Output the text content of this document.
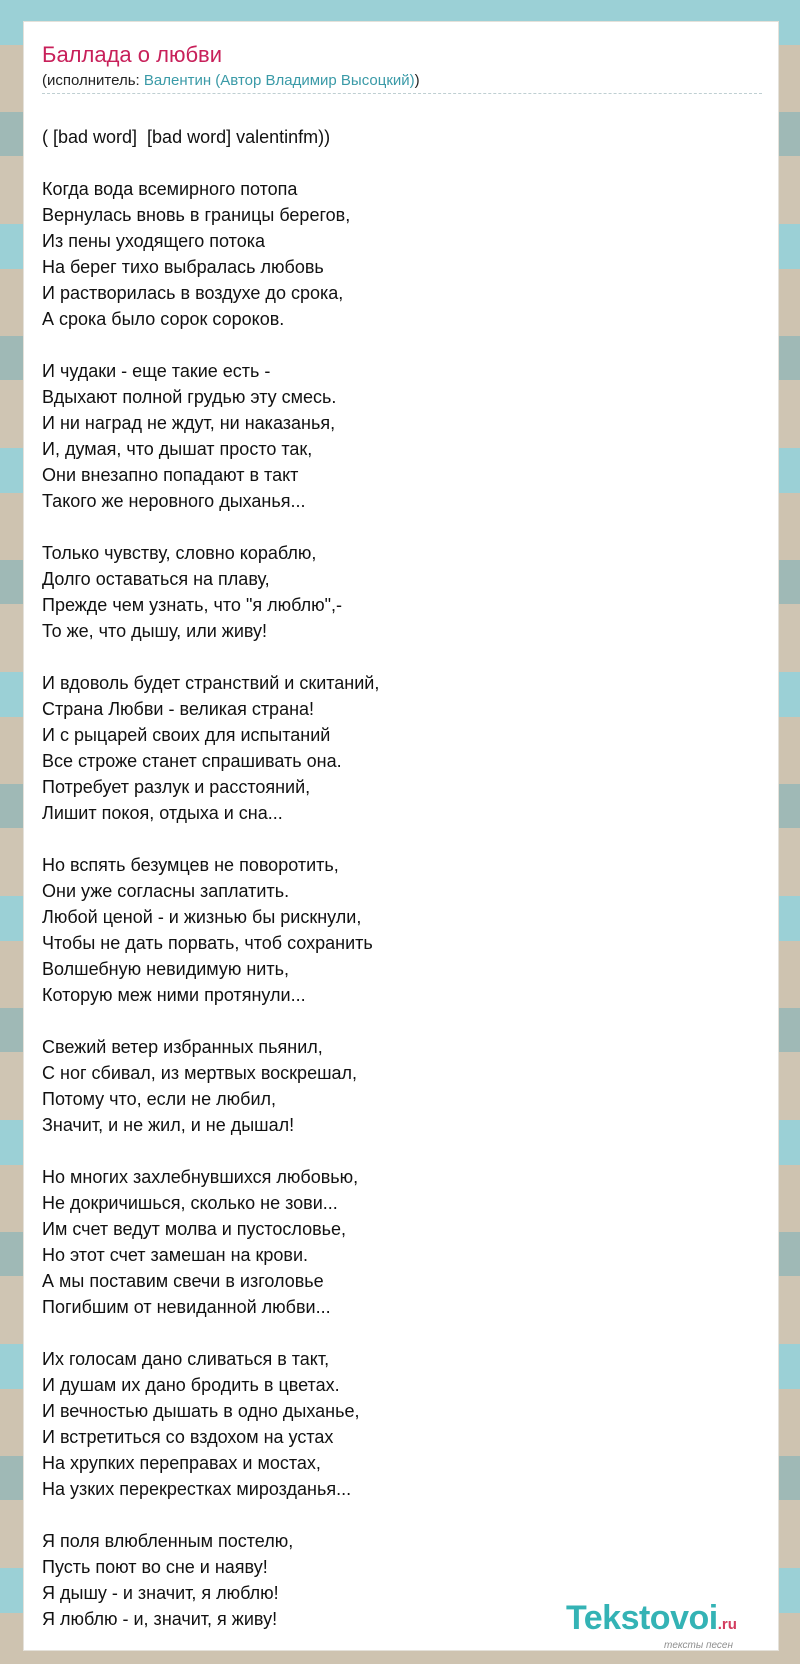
Баллада о любви
(исполнитель: Валентин (Автор Владимир Высоцкий))
( [bad word]  [bad word] valentinfm))
Когда вода всемирного потопа
Вернулась вновь в границы берегов,
Из пены уходящего потока
На берег тихо выбралась любовь
И растворилась в воздухе до срока,
А срока было сорок сороков.
И чудаки - еще такие есть -
Вдыхают полной грудью эту смесь.
И ни наград не ждут, ни наказанья,
И, думая, что дышат просто так,
Они внезапно попадают в такт
Такого же неровного дыханья...
Только чувству, словно кораблю,
Долго оставаться на плаву,
Прежде чем узнать, что "я люблю",-
То же, что дышу, или живу!
И вдоволь будет странствий и скитаний,
Страна Любви - великая страна!
И с рыцарей своих для испытаний
Все строже станет спрашивать она.
Потребует разлук и расстояний,
Лишит покоя, отдыха и сна...
Но вспять безумцев не поворотить,
Они уже согласны заплатить.
Любой ценой - и жизнью бы рискнули,
Чтобы не дать порвать, чтоб сохранить
Волшебную невидимую нить,
Которую меж ними протянули...
Свежий ветер избранных пьянил,
С ног сбивал, из мертвых воскрешал,
Потому что, если не любил,
Значит, и не жил, и не дышал!
Но многих захлебнувшихся любовью,
Не докричишься, сколько не зови...
Им счет ведут молва и пустословье,
Но этот счет замешан на крови.
А мы поставим свечи в изголовье
Погибшим от невиданной любви...
Их голосам дано сливаться в такт,
И душам их дано бродить в цветах.
И вечностью дышать в одно дыханье,
И встретиться со вздохом на устах
На хрупких переправах и мостах,
На узких перекрестках мирозданья...
Я поля влюбленным постелю,
Пусть поют во сне и наяву!
Я дышу - и значит, я люблю!
Я люблю - и, значит, я живу!	Tekstovoi.ru
тексты песен
